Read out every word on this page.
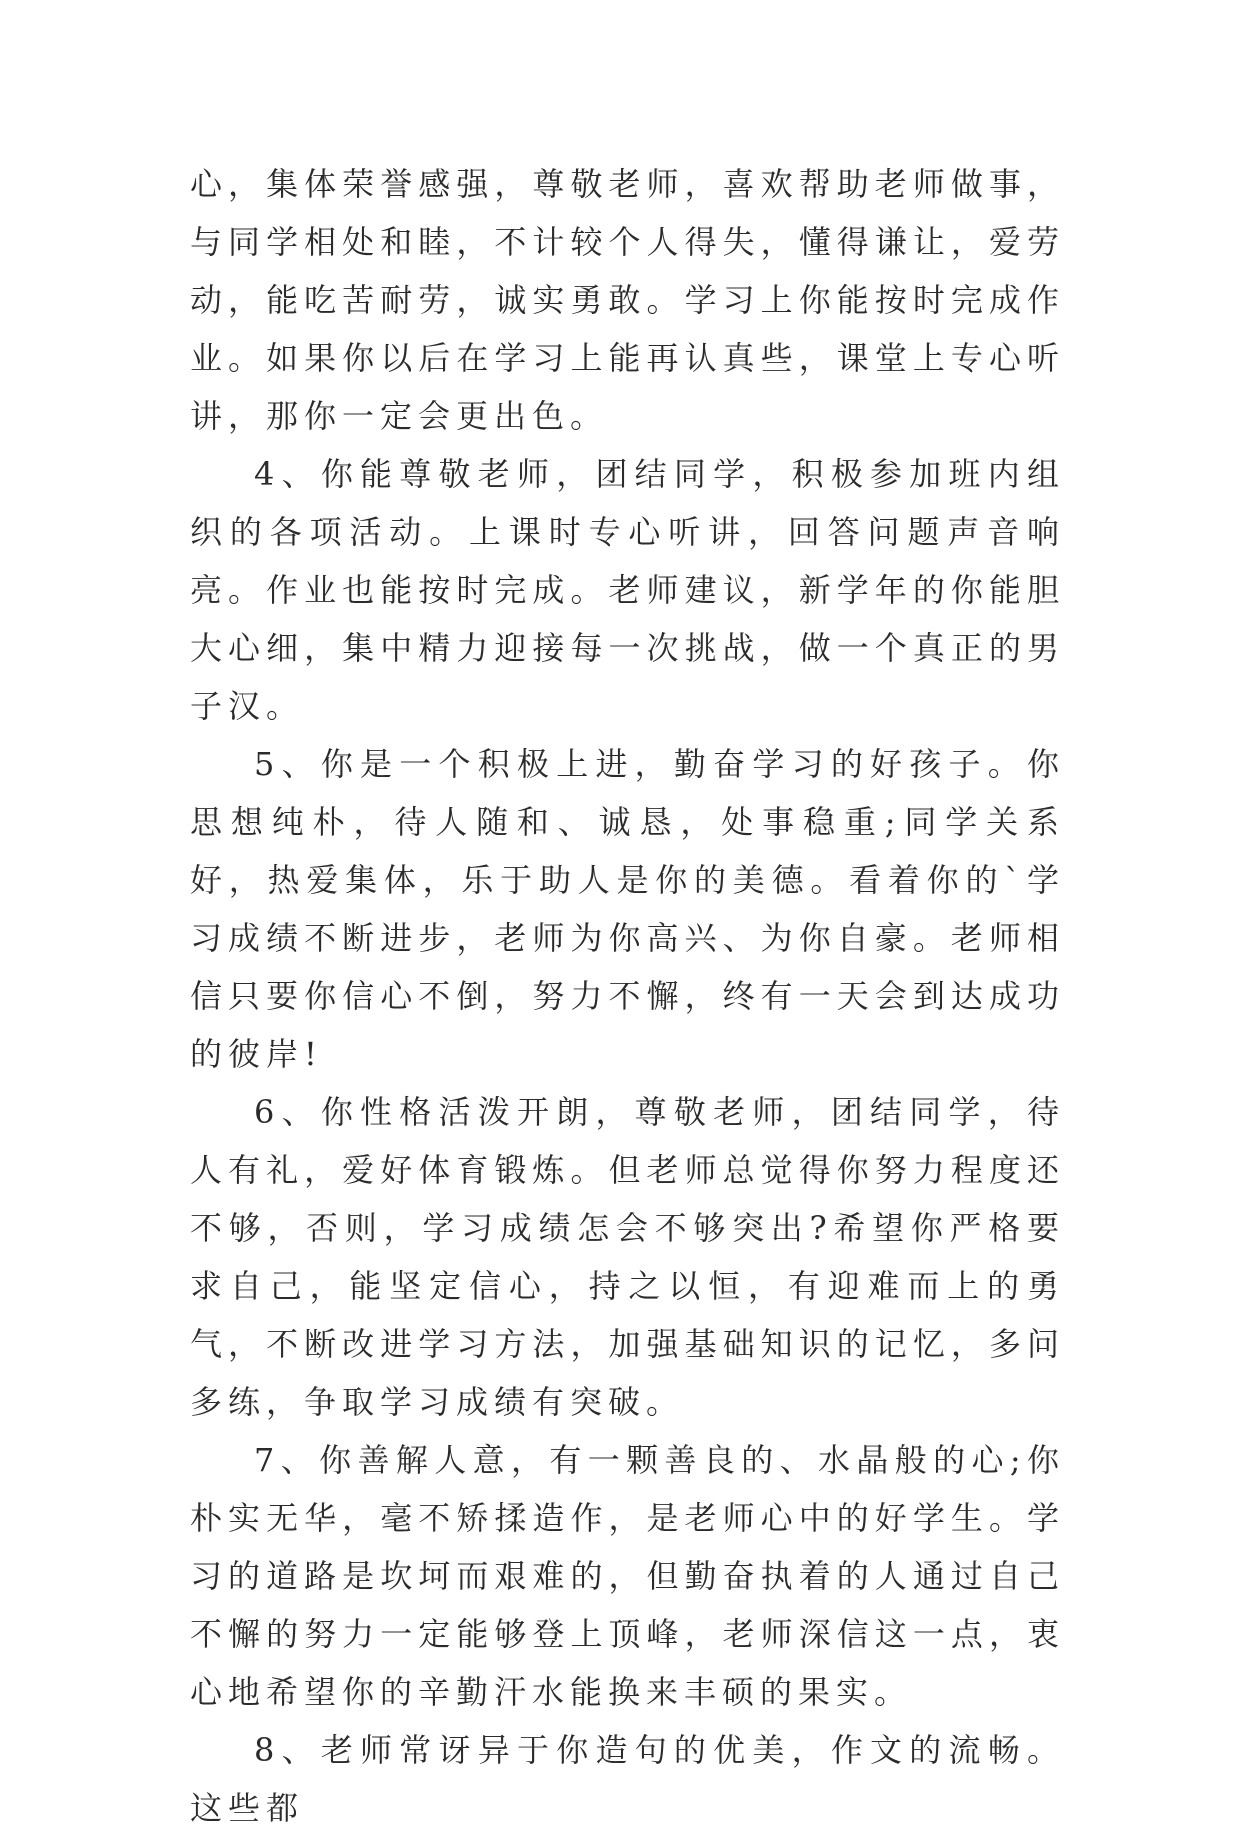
心，集体荣誉感强，尊敬老师，喜欢帮助老师做事，与同学相处和睦，不计较个人得失，懂得谦让，爱劳动，能吃苦耐劳，诚实勇敢。学习上你能按时完成作业。如果你以后在学习上能再认真些，课堂上专心听讲，那你一定会更出色。

4、你能尊敬老师，团结同学，积极参加班内组织的各项活动。上课时专心听讲，回答问题声音响亮。作业也能按时完成。老师建议，新学年的你能胆大心细，集中精力迎接每一次挑战，做一个真正的男子汉。

5、你是一个积极上进，勤奋学习的好孩子。你思想纯朴，待人随和、诚恳，处事稳重;同学关系好，热爱集体，乐于助人是你的美德。看着你的`学习成绩不断进步，老师为你高兴、为你自豪。老师相信只要你信心不倒，努力不懈，终有一天会到达成功的彼岸!

6、你性格活泼开朗，尊敬老师，团结同学，待人有礼，爱好体育锻炼。但老师总觉得你努力程度还不够，否则，学习成绩怎会不够突出?希望你严格要求自己，能坚定信心，持之以恒，有迎难而上的勇气，不断改进学习方法，加强基础知识的记忆，多问多练，争取学习成绩有突破。

7、你善解人意，有一颗善良的、水晶般的心;你朴实无华，毫不矫揉造作，是老师心中的好学生。学习的道路是坎坷而艰难的，但勤奋执着的人通过自己不懈的努力一定能够登上顶峰，老师深信这一点，衷心地希望你的辛勤汗水能换来丰硕的果实。

8、老师常讶异于你造句的优美，作文的流畅。这些都
